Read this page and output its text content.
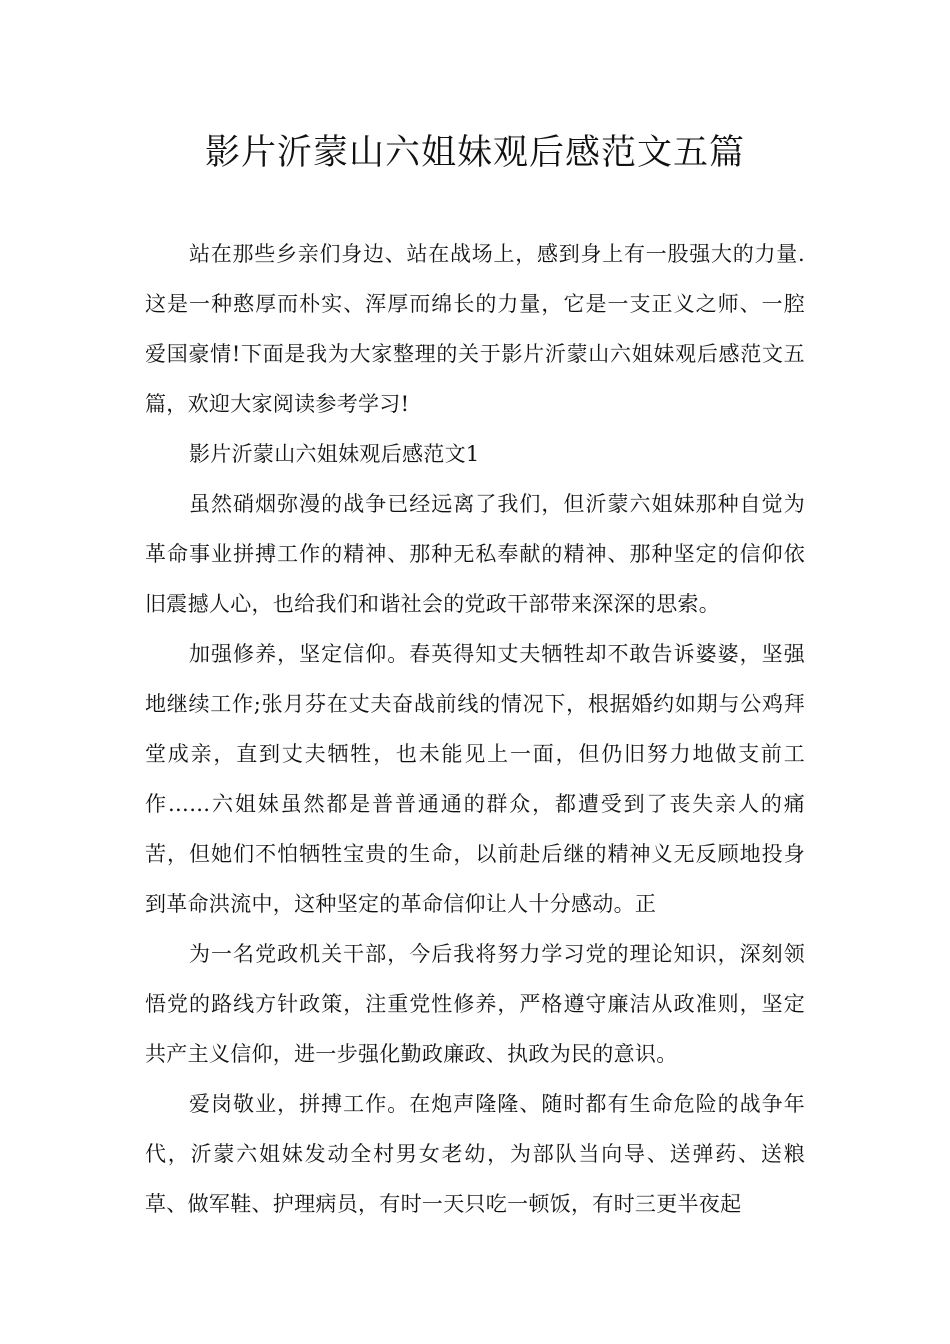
影片沂蒙山六姐妹观后感范文五篇

站在那些乡亲们身边、站在战场上，感到身上有一股强大的力量.这是一种憨厚而朴实、浑厚而绵长的力量，它是一支正义之师、一腔爱国豪情!下面是我为大家整理的关于影片沂蒙山六姐妹观后感范文五篇，欢迎大家阅读参考学习!

影片沂蒙山六姐妹观后感范文1

虽然硝烟弥漫的战争已经远离了我们，但沂蒙六姐妹那种自觉为革命事业拼搏工作的精神、那种无私奉献的精神、那种坚定的信仰依旧震撼人心，也给我们和谐社会的党政干部带来深深的思索。

加强修养，坚定信仰。春英得知丈夫牺牲却不敢告诉婆婆，坚强地继续工作;张月芬在丈夫奋战前线的情况下，根据婚约如期与公鸡拜堂成亲，直到丈夫牺牲，也未能见上一面，但仍旧努力地做支前工作……六姐妹虽然都是普普通通的群众，都遭受到了丧失亲人的痛苦，但她们不怕牺牲宝贵的生命，以前赴后继的精神义无反顾地投身到革命洪流中，这种坚定的革命信仰让人十分感动。正

为一名党政机关干部，今后我将努力学习党的理论知识，深刻领悟党的路线方针政策，注重党性修养，严格遵守廉洁从政准则，坚定共产主义信仰，进一步强化勤政廉政、执政为民的意识。

爱岗敬业，拼搏工作。在炮声隆隆、随时都有生命危险的战争年代，沂蒙六姐妹发动全村男女老幼，为部队当向导、送弹药、送粮草、做军鞋、护理病员，有时一天只吃一顿饭，有时三更半夜起
